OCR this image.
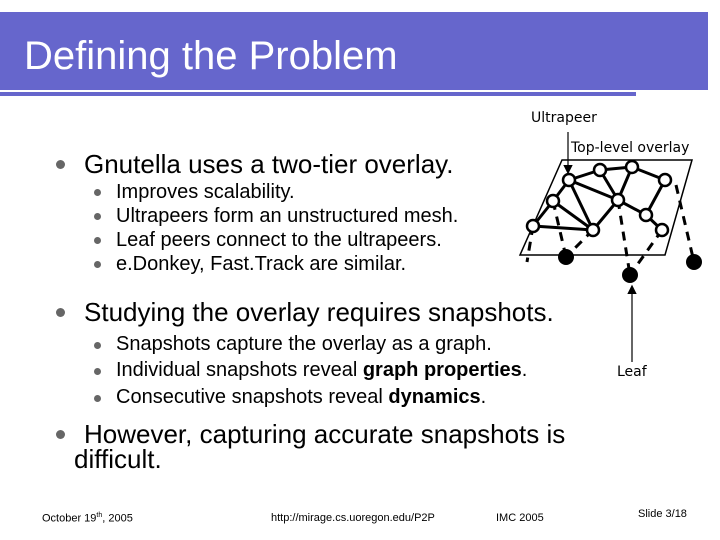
Defining the Problem
Gnutella uses a two-tier overlay.
Improves scalability.
Ultrapeers form an unstructured mesh.
Leaf peers connect to the ultrapeers.
e.Donkey, Fast.Track are similar.
Studying the overlay requires snapshots.
Snapshots capture the overlay as a graph.
Individual snapshots reveal graph properties.
Consecutive snapshots reveal dynamics.
However, capturing accurate snapshots is
difficult.
Ultrapeer
Top-level overlay
Leaf
October 19th, 2005	http://mirage.cs.uoregon.edu/P2P	IMC 2005	Slide 3/18
